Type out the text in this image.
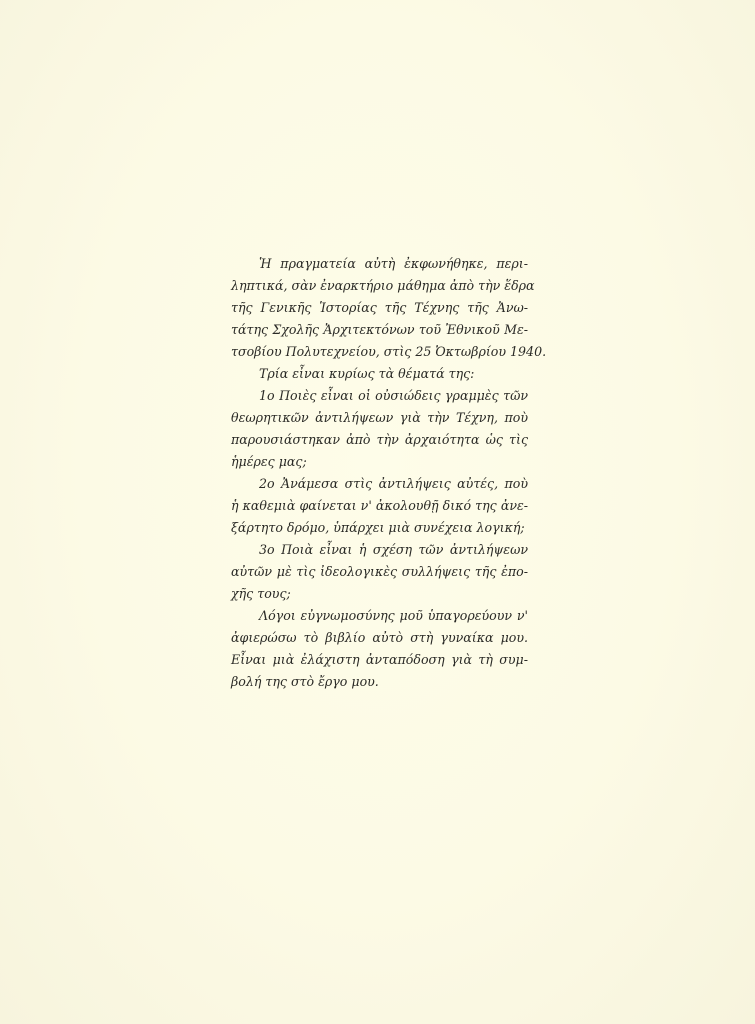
Ἡ πραγματεία αὐτὴ ἐκφωνήθηκε, περι-
ληπτικά, σὰν ἐναρκτήριο μάθημα ἀπὸ τὴν ἕδρα
τῆς Γενικῆς Ἱστορίας τῆς Τέχνης τῆς Ἀνω-
τάτης Σχολῆς Ἀρχιτεκτόνων τοῦ Ἐθνικοῦ Με-
τσοβίου Πολυτεχνείου, στὶς 25 Ὀκτωβρίου 1940.
Τρία εἶναι κυρίως τὰ θέματά της:
1ο Ποιὲς εἶναι οἱ οὐσιώδεις γραμμὲς τῶν
θεωρητικῶν ἀντιλήψεων γιὰ τὴν Τέχνη, ποὺ
παρουσιάστηκαν ἀπὸ τὴν ἀρχαιότητα ὡς τὶς
ἡμέρες μας;
2ο Ἀνάμεσα στὶς ἀντιλήψεις αὐτές, ποὺ
ἡ καθεμιὰ φαίνεται ν' ἀκολουθῇ δικό της ἀνε-
ξάρτητο δρόμο, ὑπάρχει μιὰ συνέχεια λογική;
3ο Ποιὰ εἶναι ἡ σχέση τῶν ἀντιλήψεων
αὐτῶν μὲ τὶς ἰδεολογικὲς συλλήψεις τῆς ἐπο-
χῆς τους;
Λόγοι εὐγνωμοσύνης μοῦ ὑπαγορεύουν ν'
ἀφιερώσω τὸ βιβλίο αὐτὸ στὴ γυναίκα μου.
Εἶναι μιὰ ἐλάχιστη ἀνταπόδοση γιὰ τὴ συμ-
βολή της στὸ ἔργο μου.
